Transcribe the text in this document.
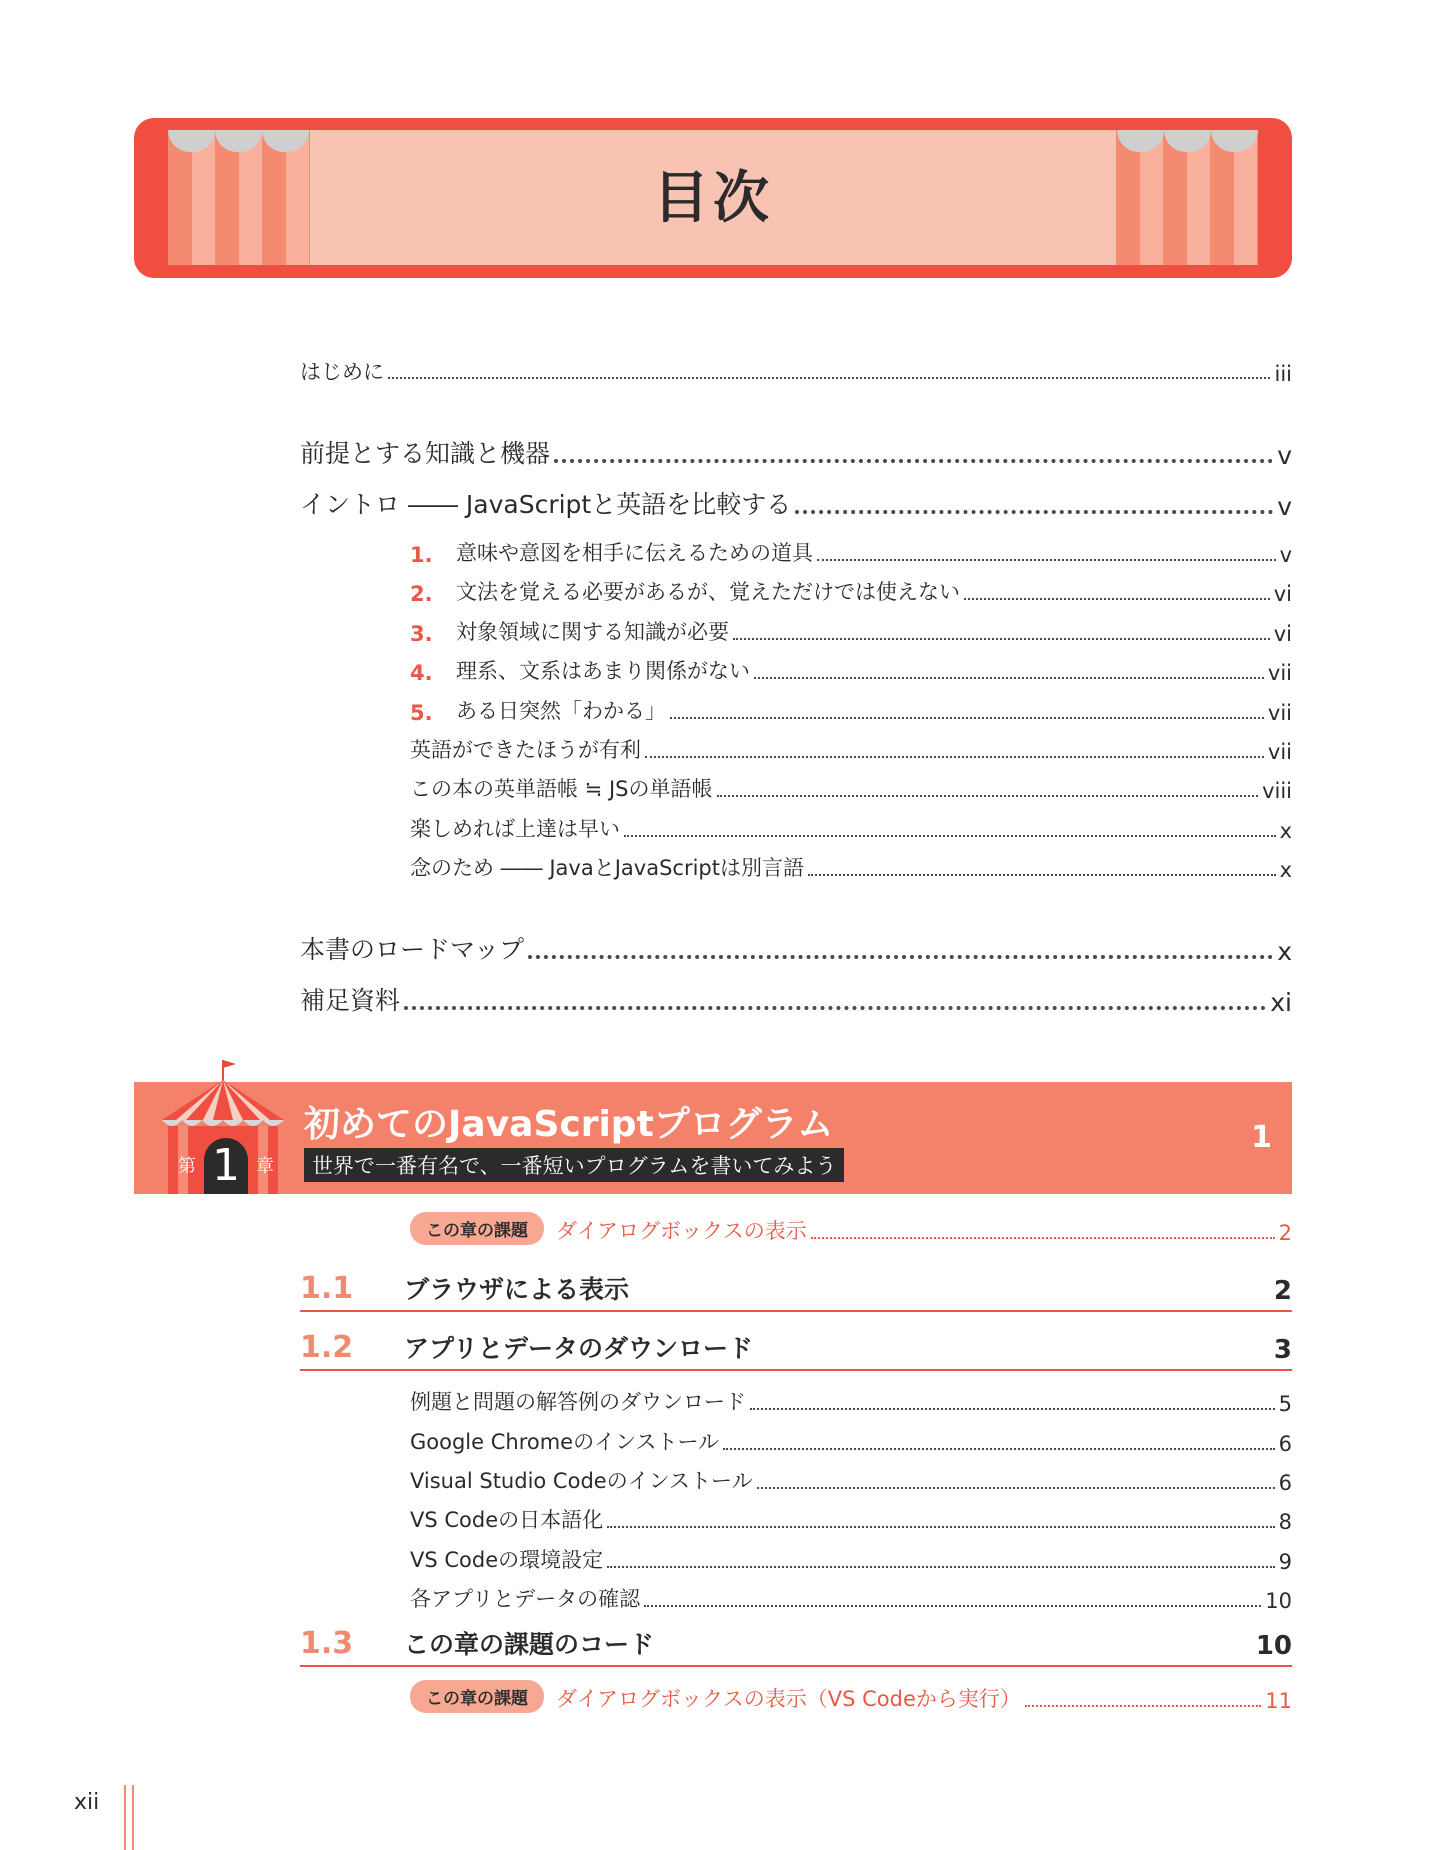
目次
はじめに	iii
前提とする知識と機器	v
イントロ ―― JavaScriptと英語を比較する	v
1.	意味や意図を相手に伝えるための道具	v
2.	文法を覚える必要があるが、覚えただけでは使えない	vi
3.	対象領域に関する知識が必要	vi
4.	理系、文系はあまり関係がない	vii
5.	ある日突然「わかる」	vii
英語ができたほうが有利	vii
この本の英単語帳 ≒ JSの単語帳	viii
楽しめれば上達は早い	x
念のため ―― JavaとJavaScriptは別言語	x
本書のロードマップ	x
補足資料	xi
第 1 章
初めてのJavaScriptプログラム
世界で一番有名で、一番短いプログラムを書いてみよう
1
この章の課題	ダイアログボックスの表示	2
1.1	ブラウザによる表示	2
1.2	アプリとデータのダウンロード	3
例題と問題の解答例のダウンロード	5
Google Chromeのインストール	6
Visual Studio Codeのインストール	6
VS Codeの日本語化	8
VS Codeの環境設定	9
各アプリとデータの確認	10
1.3	この章の課題のコード	10
この章の課題	ダイアログボックスの表示（VS Codeから実行）	11
xii
